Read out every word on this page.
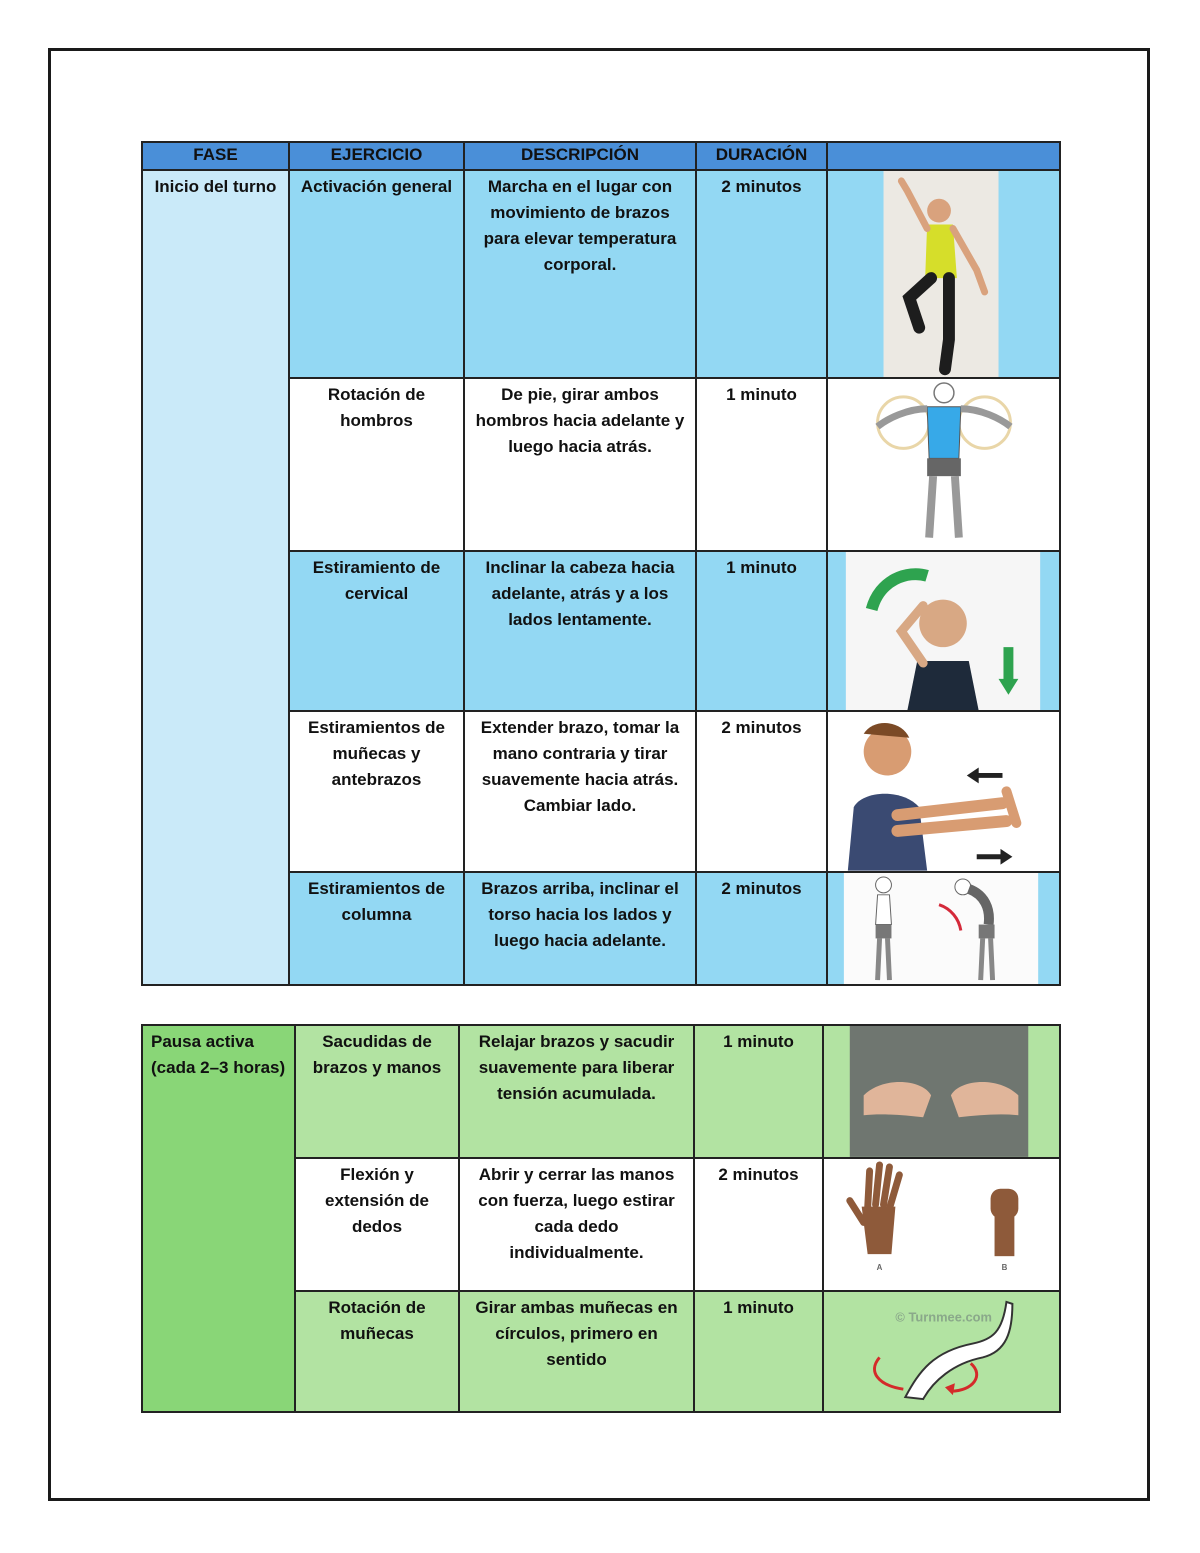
FASE	EJERCICIO	DESCRIPCIÓN	DURACIÓN	
Inicio del turno	Activación general	Marcha en el lugar con movimiento de brazos para elevar temperatura corporal.	2 minutos	

	Rotación de hombros	De pie, girar ambos hombros hacia adelante y luego hacia atrás.	1 minuto	

	Estiramiento de cervical	Inclinar la cabeza hacia adelante, atrás y a los lados lentamente.	1 minuto	

	Estiramientos de muñecas y antebrazos	Extender brazo, tomar la mano contraria y tirar suavemente hacia atrás. Cambiar lado.	2 minutos	

	Estiramientos de columna	Brazos arriba, inclinar el torso hacia los lados y luego hacia adelante.	2 minutos	
Pausa activa (cada 2–3 horas)	Sacudidas de brazos y manos	Relajar brazos y sacudir suavemente para liberar tensión acumulada.	1 minuto	

	Flexión y extensión de dedos	Abrir y cerrar las manos con fuerza, luego estirar cada dedo individualmente.	2 minutos	A B

	Rotación de muñecas	Girar ambas muñecas en círculos, primero en sentido	1 minuto	© Turnmee.com
